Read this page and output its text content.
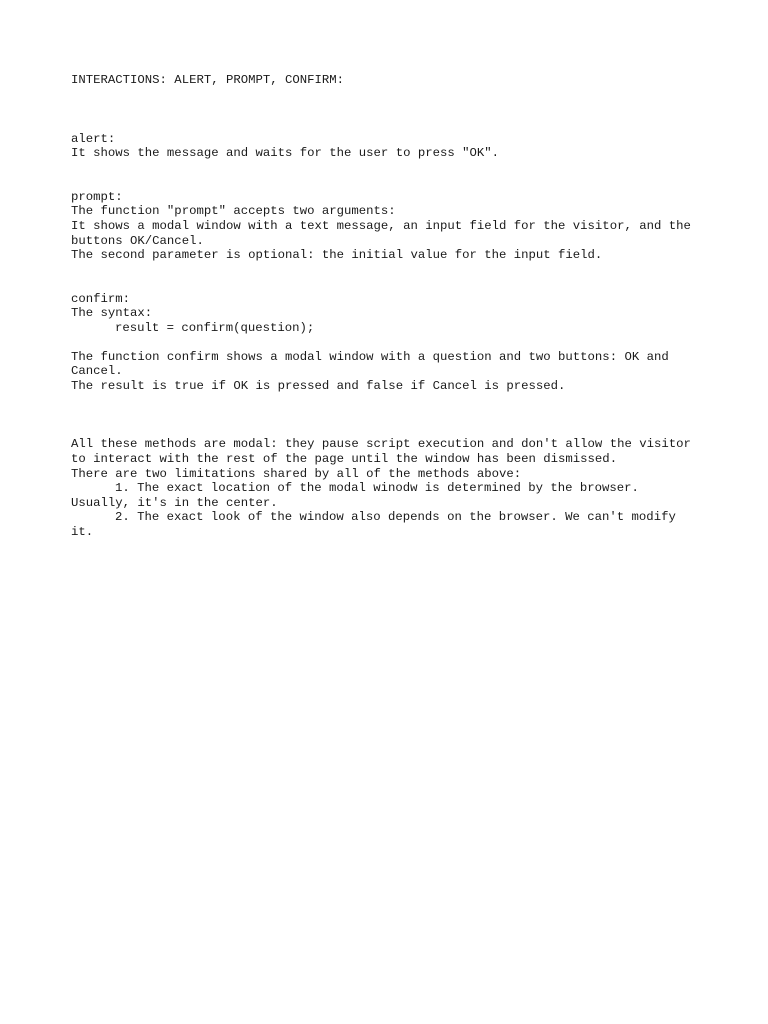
INTERACTIONS: ALERT, PROMPT, CONFIRM:
alert:
It shows the message and waits for the user to press "OK".
prompt:
The function "prompt" accepts two arguments:
It shows a modal window with a text message, an input field for the visitor, and the buttons OK/Cancel.
The second parameter is optional: the initial value for the input field.
confirm:
The syntax:
result = confirm(question);
The function confirm shows a modal window with a question and two buttons: OK and Cancel.
The result is true if OK is pressed and false if Cancel is pressed.
All these methods are modal: they pause script execution and don't allow the visitor to interact with the rest of the page until the window has been dismissed.
There are two limitations shared by all of the methods above:
1. The exact location of the modal winodw is determined by the browser. Usually, it's in the center.
2. The exact look of the window also depends on the browser. We can't modify it.
